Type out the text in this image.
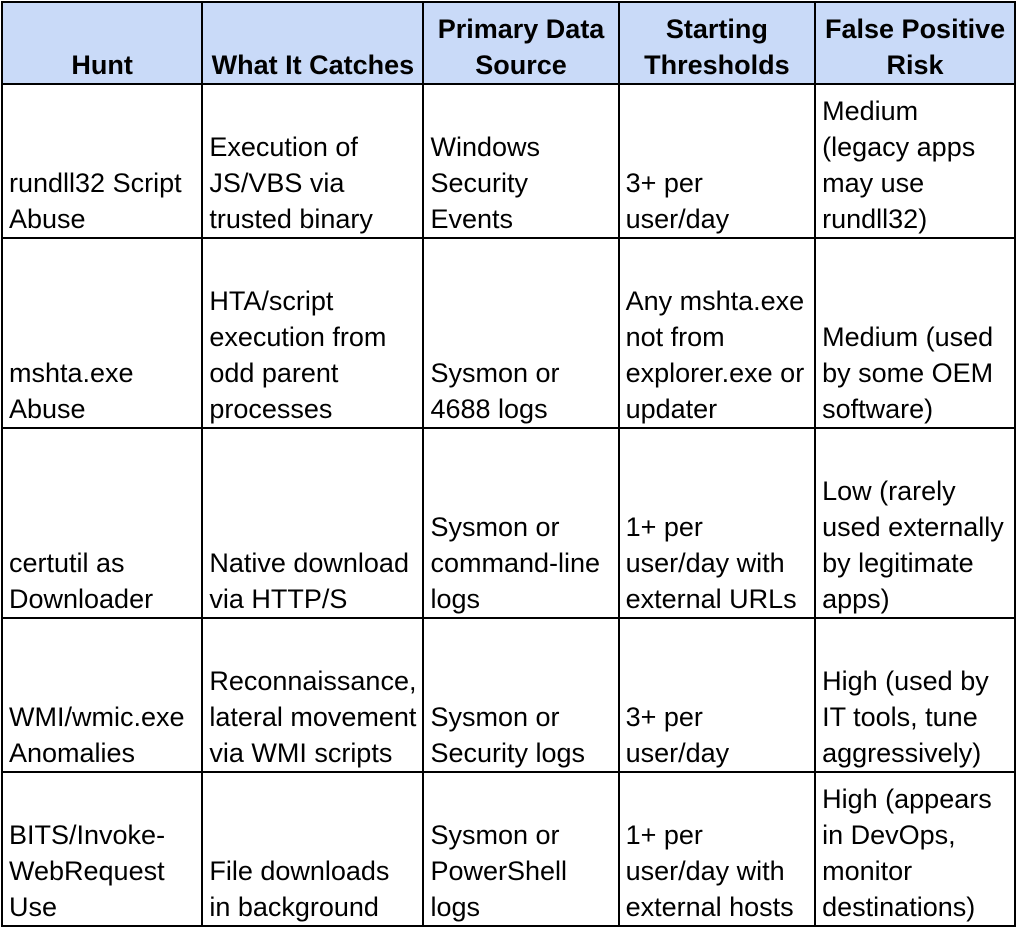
Hunt	What It Catches	Primary Data Source	Starting Thresholds	False Positive Risk
rundll32 Script Abuse	Execution of JS/VBS via trusted binary	Windows Security Events	3+ per user/day	Medium (legacy apps may use rundll32)
mshta.exe Abuse	HTA/script execution from odd parent processes	Sysmon or 4688 logs	Any mshta.exe not from explorer.exe or updater	Medium (used by some OEM software)
certutil as Downloader	Native download via HTTP/S	Sysmon or command-line logs	1+ per user/day with external URLs	Low (rarely used externally by legitimate apps)
WMI/wmic.exe Anomalies	Reconnaissance, lateral movement via WMI scripts	Sysmon or Security logs	3+ per user/day	High (used by IT tools, tune aggressively)
BITS/Invoke-WebRequest Use	File downloads in background	Sysmon or PowerShell logs	1+ per user/day with external hosts	High (appears in DevOps, monitor destinations)
